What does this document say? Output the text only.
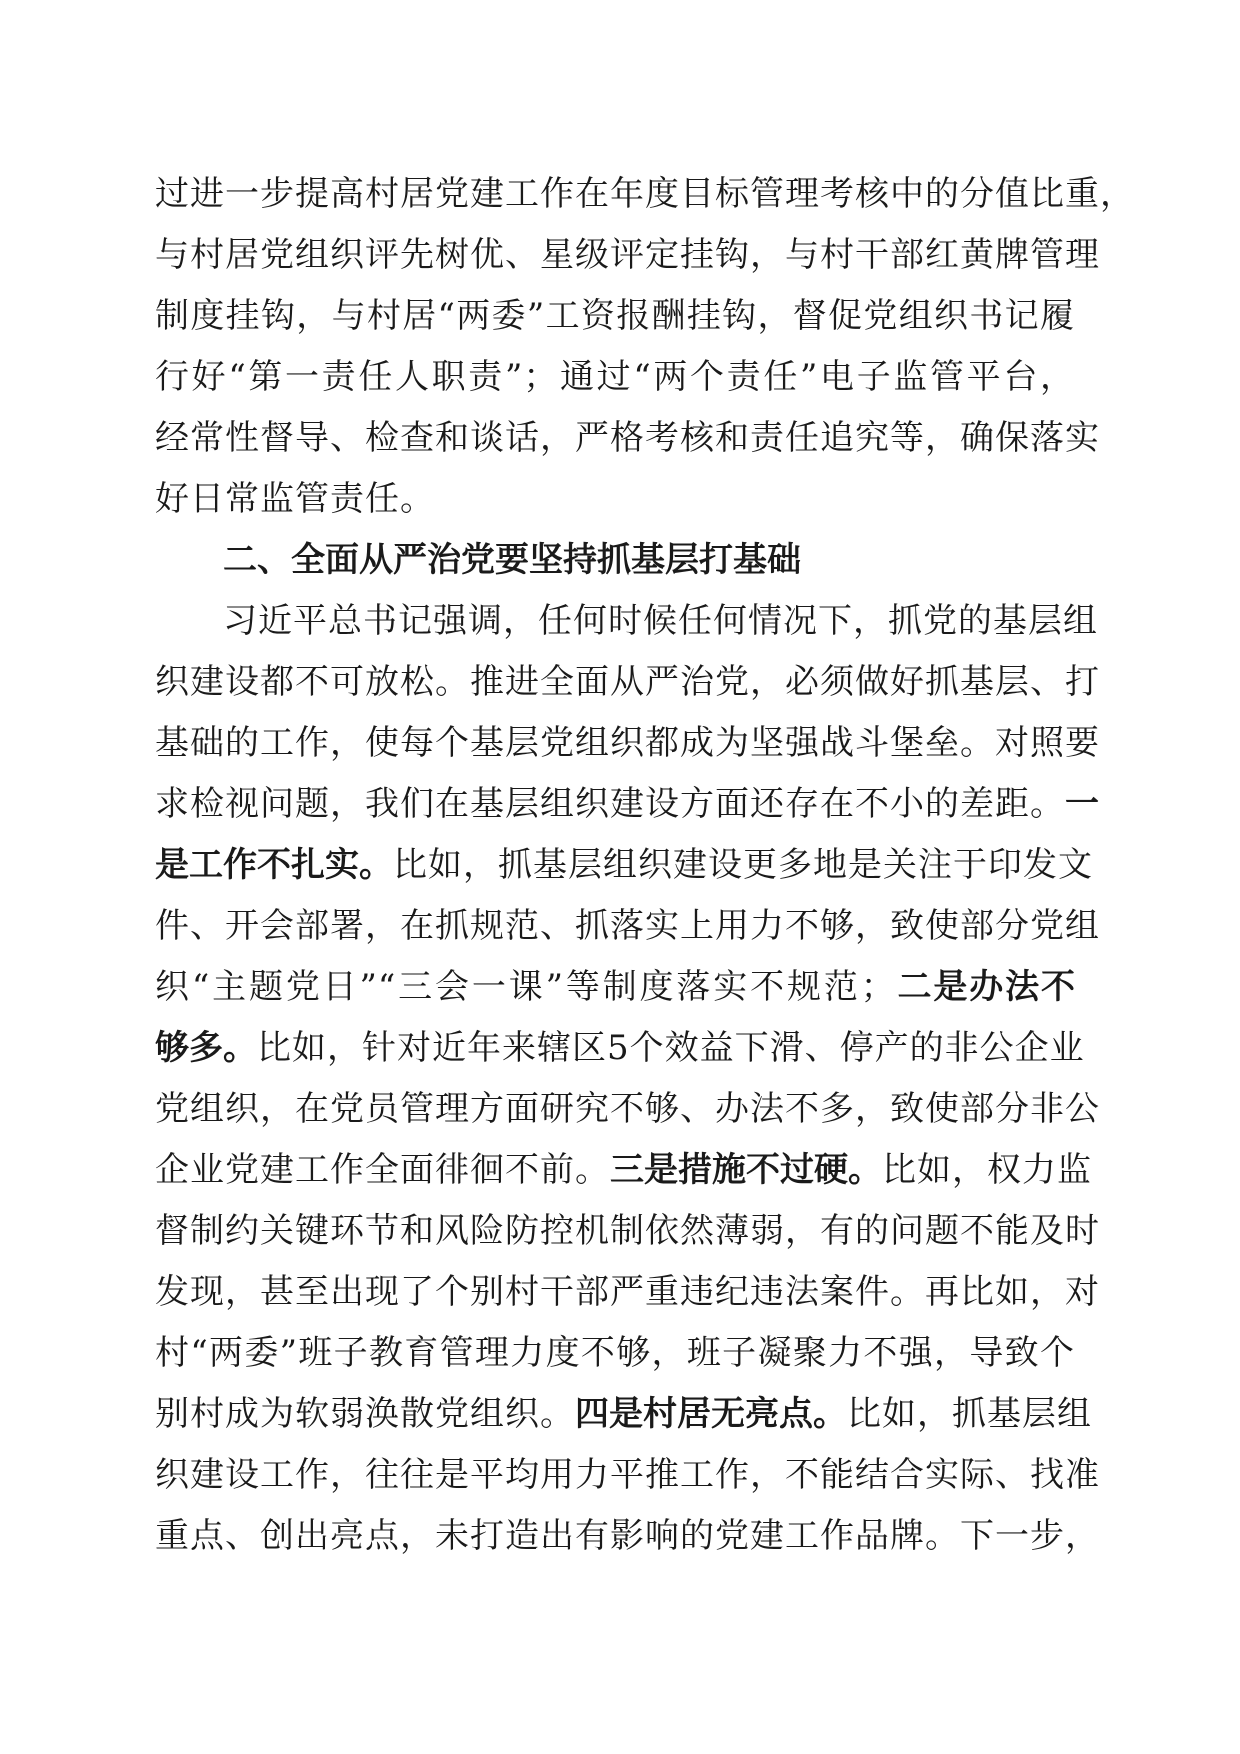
过进一步提高村居党建工作在年度目标管理考核中的分值比重，
与村居党组织评先树优、星级评定挂钩，与村干部红黄牌管理
制度挂钩，与村居“两委”工资报酬挂钩，督促党组织书记履
行好“第一责任人职责”；通过“两个责任”电子监管平台，
经常性督导、检查和谈话，严格考核和责任追究等，确保落实
好日常监管责任。
二、全面从严治党要坚持抓基层打基础
习近平总书记强调，任何时候任何情况下，抓党的基层组
织建设都不可放松。推进全面从严治党，必须做好抓基层、打
基础的工作，使每个基层党组织都成为坚强战斗堡垒。对照要
求检视问题，我们在基层组织建设方面还存在不小的差距。一
是工作不扎实。比如，抓基层组织建设更多地是关注于印发文
件、开会部署，在抓规范、抓落实上用力不够，致使部分党组
织“主题党日”“三会一课”等制度落实不规范；二是办法不
够多。比如，针对近年来辖区5个效益下滑、停产的非公企业
党组织，在党员管理方面研究不够、办法不多，致使部分非公
企业党建工作全面徘徊不前。三是措施不过硬。比如，权力监
督制约关键环节和风险防控机制依然薄弱，有的问题不能及时
发现，甚至出现了个别村干部严重违纪违法案件。再比如，对
村“两委”班子教育管理力度不够，班子凝聚力不强，导致个
别村成为软弱涣散党组织。四是村居无亮点。比如，抓基层组
织建设工作，往往是平均用力平推工作，不能结合实际、找准
重点、创出亮点，未打造出有影响的党建工作品牌。下一步，
